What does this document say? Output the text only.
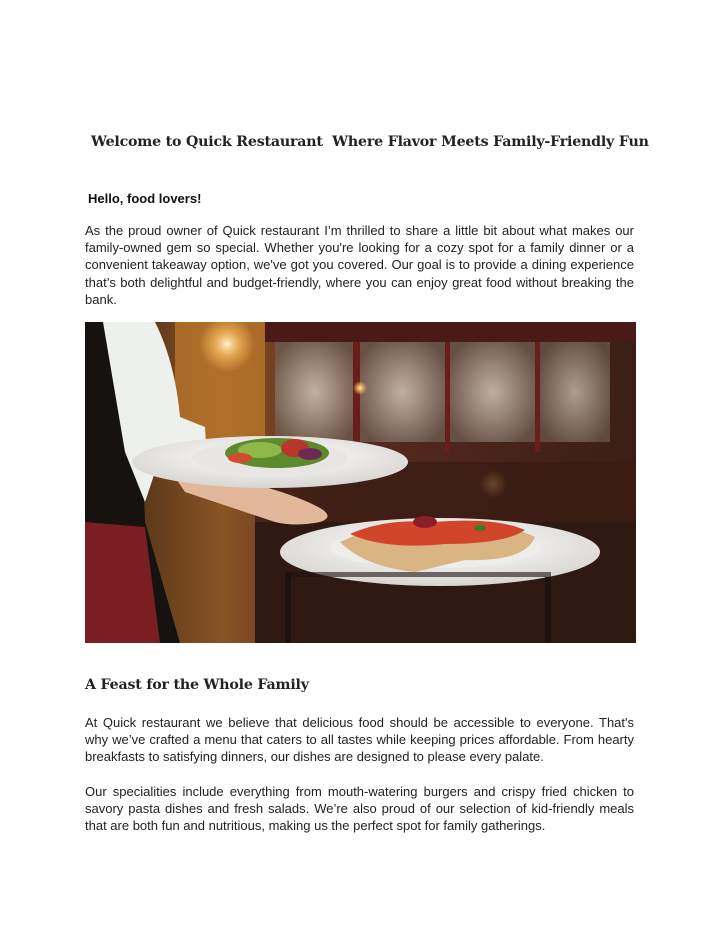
Welcome to Quick Restaurant  Where Flavor Meets Family-Friendly Fun
Hello, food lovers!

As the proud owner of Quick restaurant I’m thrilled to share a little bit about what makes our family-owned gem so special. Whether you're looking for a cozy spot for a family dinner or a convenient takeaway option, we've got you covered. Our goal is to provide a dining experience that’s both delightful and budget-friendly, where you can enjoy great food without breaking the bank.

A Feast for the Whole Family

At Quick restaurant we believe that delicious food should be accessible to everyone. That's why we’ve crafted a menu that caters to all tastes while keeping prices affordable. From hearty breakfasts to satisfying dinners, our dishes are designed to please every palate.

Our specialities include everything from mouth-watering burgers and crispy fried chicken to savory pasta dishes and fresh salads. We’re also proud of our selection of kid-friendly meals that are both fun and nutritious, making us the perfect spot for family gatherings.
